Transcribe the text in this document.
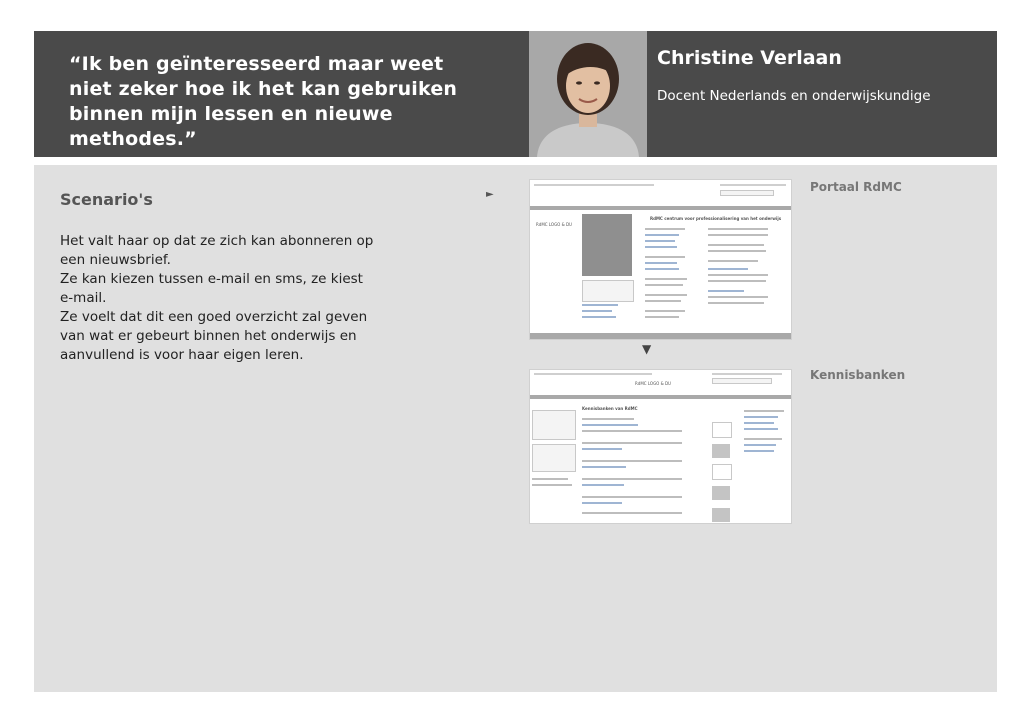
“Ik ben geïnteresseerd maar weet niet zeker hoe ik het kan gebruiken binnen mijn lessen en nieuwe methodes.”
Christine Verlaan
Docent Nederlands en onderwijskundige
Scenario's
Het valt haar op dat ze zich kan abonneren op een nieuwsbrief.
Ze kan kiezen tussen e-mail en sms, ze kiest e-mail.
Ze voelt dat dit een goed overzicht zal geven van wat er gebeurt binnen het onderwijs en aanvullend is voor haar eigen leren.
►
RdMC LOGO & DU
RdMC centrum voor professionalisering van het onderwijs
Portaal RdMC
▼
RdMC LOGO & DU
Kennisbanken van RdMC
Kennisbanken
